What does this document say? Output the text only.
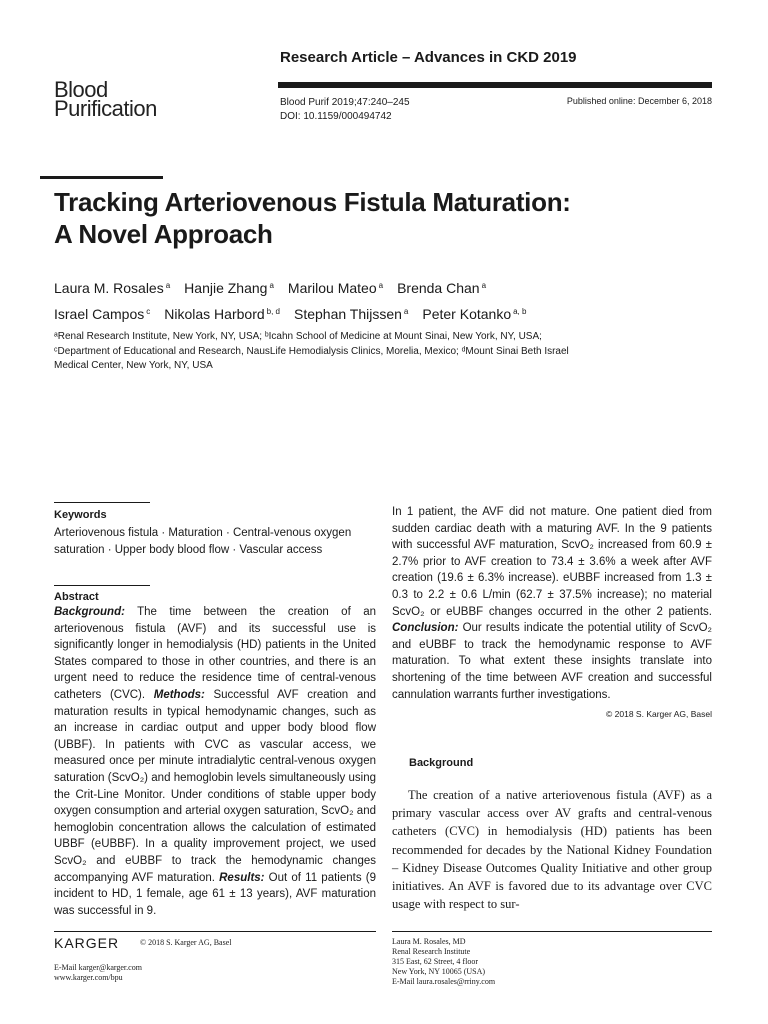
Research Article – Advances in CKD 2019
Blood
Purification	Blood Purif 2019;47:240–245
DOI: 10.1159/000494742
Published online: December 6, 2018
Tracking Arteriovenous Fistula Maturation: A Novel Approach
Laura M. Rosales $^a$ Hanjie Zhang $^a$ Marilou Mateo $^a$ Brenda Chan $^a$
Israel Campos $^c$ Nikolas Harbord $^{b, d}$ Stephan Thijssen $^a$ Peter Kotanko $^{a, b}$
ᵃRenal Research Institute, New York, NY, USA; ᵇIcahn School of Medicine at Mount Sinai, New York, NY, USA;
ᶜDepartment of Educational and Research, NausLife Hemodialysis Clinics, Morelia, Mexico; ᵈMount Sinai Beth Israel
Medical Center, New York, NY, USA
Keywords
Arteriovenous fistula · Maturation · Central-venous oxygen saturation · Upper body blood flow · Vascular access
Abstract
Background: The time between the creation of an arteriovenous fistula (AVF) and its successful use is significantly longer in hemodialysis (HD) patients in the United States compared to those in other countries, and there is an urgent need to reduce the residence time of central-venous catheters (CVC). Methods: Successful AVF creation and maturation results in typical hemodynamic changes, such as an increase in cardiac output and upper body blood flow (UBBF). In patients with CVC as vascular access, we measured once per minute intradialytic central-venous oxygen saturation (ScvO₂) and hemoglobin levels simultaneously using the Crit-Line Monitor. Under conditions of stable upper body oxygen consumption and arterial oxygen saturation, ScvO₂ and hemoglobin concentration allows the calculation of estimated UBBF (eUBBF). In a quality improvement project, we used ScvO₂ and eUBBF to track the hemodynamic changes accompanying AVF maturation. Results: Out of 11 patients (9 incident to HD, 1 female, age 61 ± 13 years), AVF maturation was successful in 9.
In 1 patient, the AVF did not mature. One patient died from sudden cardiac death with a maturing AVF. In the 9 patients with successful AVF maturation, ScvO₂ increased from 60.9 ± 2.7% prior to AVF creation to 73.4 ± 3.6% a week after AVF creation (19.6 ± 6.3% increase). eUBBF increased from 1.3 ± 0.3 to 2.2 ± 0.6 L/min (62.7 ± 37.5% increase); no material ScvO₂ or eUBBF changes occurred in the other 2 patients. Conclusion: Our results indicate the potential utility of ScvO₂ and eUBBF to track the hemodynamic response to AVF maturation. To what extent these insights translate into shortening of the time between AVF creation and successful cannulation warrants further investigations.
© 2018 S. Karger AG, Basel
Background
The creation of a native arteriovenous fistula (AVF) as a primary vascular access over AV grafts and central-venous catheters (CVC) in hemodialysis (HD) patients has been recommended for decades by the National Kidney Foundation – Kidney Disease Outcomes Quality Initiative and other group initiatives. An AVF is favored due to its advantage over CVC usage with respect to sur-
KARGER	© 2018 S. Karger AG, Basel
E-Mail karger@karger.com
www.karger.com/bpu
Laura M. Rosales, MD
Renal Research Institute
315 East, 62 Street, 4 floor
New York, NY 10065 (USA)
E-Mail laura.rosales@rriny.com
